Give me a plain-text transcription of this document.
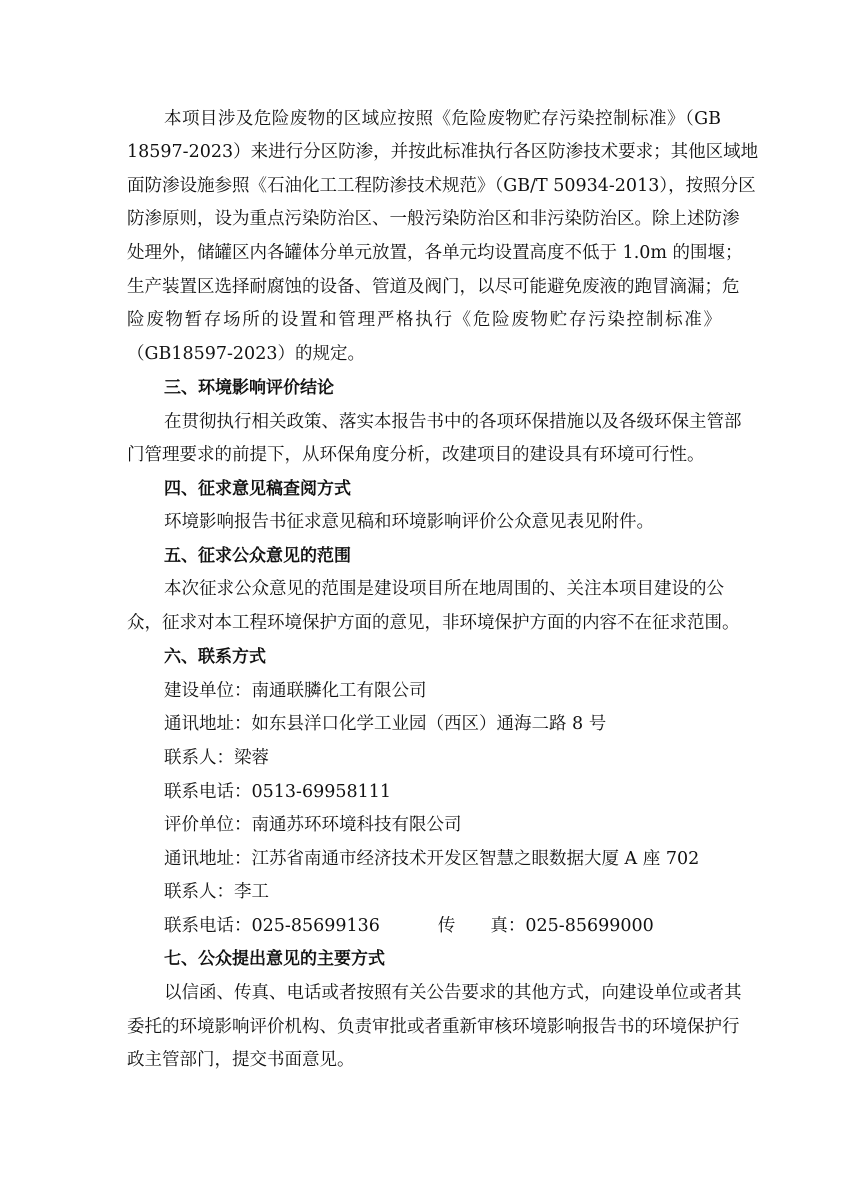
本项目涉及危险废物的区域应按照《危险废物贮存污染控制标准》（GB
18597-2023）来进行分区防渗，并按此标准执行各区防渗技术要求；其他区域地
面防渗设施参照《石油化工工程防渗技术规范》（GB/T 50934-2013），按照分区
防渗原则，设为重点污染防治区、一般污染防治区和非污染防治区。除上述防渗
处理外，储罐区内各罐体分单元放置，各单元均设置高度不低于 1.0m 的围堰；
生产装置区选择耐腐蚀的设备、管道及阀门，以尽可能避免废液的跑冒滴漏；危
险废物暂存场所的设置和管理严格执行《危险废物贮存污染控制标准》
（GB18597-2023）的规定。
三、环境影响评价结论
在贯彻执行相关政策、落实本报告书中的各项环保措施以及各级环保主管部
门管理要求的前提下，从环保角度分析，改建项目的建设具有环境可行性。
四、征求意见稿查阅方式
环境影响报告书征求意见稿和环境影响评价公众意见表见附件。
五、征求公众意见的范围
本次征求公众意见的范围是建设项目所在地周围的、关注本项目建设的公
众，征求对本工程环境保护方面的意见，非环境保护方面的内容不在征求范围。
六、联系方式
建设单位：南通联膦化工有限公司
通讯地址：如东县洋口化学工业园（西区）通海二路 8 号
联系人：梁蓉
联系电话：0513-69958111
评价单位：南通苏环环境科技有限公司
通讯地址：江苏省南通市经济技术开发区智慧之眼数据大厦 A 座 702
联系人：李工
联系电话：025-85699136	传　　真：025-85699000
七、公众提出意见的主要方式
以信函、传真、电话或者按照有关公告要求的其他方式，向建设单位或者其
委托的环境影响评价机构、负责审批或者重新审核环境影响报告书的环境保护行
政主管部门，提交书面意见。
